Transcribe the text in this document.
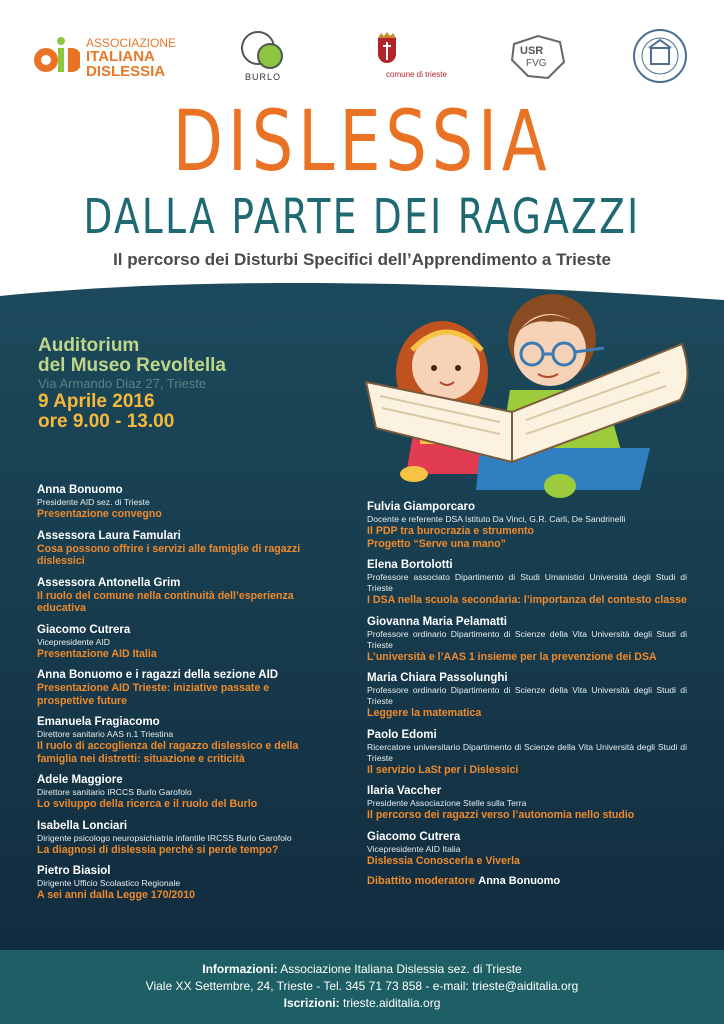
ASSOCIAZIONE
ITALIANA
DISLESSIA	BURLO	comune di trieste
USR
FVG
DISLESSIA
DALLA PARTE DEI RAGAZZI
Il percorso dei Disturbi Specifici dell’Apprendimento a Trieste
Auditorium
del Museo Revoltella
Via Armando Diaz 27, Trieste
9 Aprile 2016
ore 9.00 - 13.00
Anna Bonuomo
Presidente AID sez. di Trieste
Presentazione convegno
Assessora Laura Famulari
Cosa possono offrire i servizi alle famiglie di ragazzi dislessici
Assessora Antonella Grim
Il ruolo del comune nella continuità dell’esperienza educativa
Giacomo Cutrera
Vicepresidente AID
Presentazione AID Italia
Anna Bonuomo e i ragazzi della sezione AID
Presentazione AID Trieste: iniziative passate e prospettive future
Emanuela Fragiacomo
Direttore sanitario AAS n.1 Triestina
Il ruolo di accoglienza del ragazzo dislessico e della famiglia nei distretti: situazione e criticità
Adele Maggiore
Direttore sanitario IRCCS Burlo Garofolo
Lo sviluppo della ricerca e il ruolo del Burlo
Isabella Lonciari
Dirigente psicologo neuropsichiatria infantile IRCSS Burlo Garofolo
La diagnosi di dislessia perché si perde tempo?
Pietro Biasiol
Dirigente Ufficio Scolastico Regionale
A sei anni dalla Legge 170/2010
Fulvia Giamporcaro
Docente e referente DSA Istituto Da Vinci, G.R. Carli, De Sandrinelli
Il PDP tra burocrazia e strumento
Progetto “Serve una mano”
Elena Bortolotti
Professore associato Dipartimento di Studi Umanistici Università degli Studi di Trieste
I DSA nella scuola secondaria: l’importanza del contesto classe
Giovanna Maria Pelamatti
Professore ordinario Dipartimento di Scienze della Vita Università degli Studi di Trieste
L’università e l’AAS 1 insieme per la prevenzione dei DSA
Maria Chiara Passolunghi
Professore ordinario Dipartimento di Scienze della Vita Università degli Studi di Trieste
Leggere la matematica
Paolo Edomi
Ricercatore universitario Dipartimento di Scienze della Vita Università degli Studi di Trieste
Il servizio LaSt per i Dislessici
Ilaria Vaccher
Presidente Associazione Stelle sulla Terra
Il percorso dei ragazzi verso l’autonomia nello studio
Giacomo Cutrera
Vicepresidente AID Italia
Dislessia Conoscerla e Viverla
Dibattito moderatore Anna Bonuomo
Informazioni: Associazione Italiana Dislessia sez. di Trieste
Viale XX Settembre, 24, Trieste - Tel. 345 71 73 858 - e-mail: trieste@aiditalia.org
Iscrizioni: trieste.aiditalia.org
